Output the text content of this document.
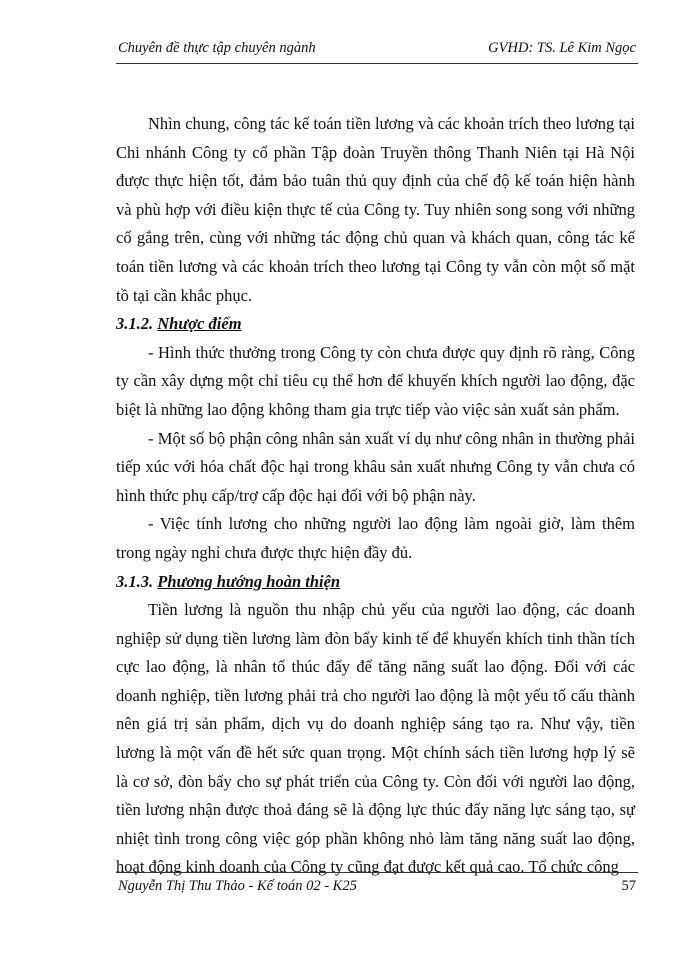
Chuyên đề thực tập chuyên ngành	GVHD: TS. Lê Kim Ngọc

Nhìn chung, công tác kế toán tiền lương và các khoản trích theo lương tại Chi nhánh Công ty cổ phần Tập đoàn Truyền thông Thanh Niên tại Hà Nội được thực hiện tốt, đảm bảo tuân thủ quy định của chế độ kế toán hiện hành và phù hợp với điều kiện thực tế của Công ty. Tuy nhiên song song với những cố gắng trên, cùng với những tác động chủ quan và khách quan, công tác kế toán tiền lương và các khoản trích theo lương tại Công ty vẫn còn một số mặt tồ tại cần khắc phục.

3.1.2. Nhược điểm

- Hình thức thưởng trong Công ty còn chưa được quy định rõ ràng, Công ty cần xây dựng một chỉ tiêu cụ thể hơn để khuyến khích người lao động, đặc biệt là những lao động không tham gia trực tiếp vào việc sản xuất sản phẩm.

- Một số bộ phận công nhân sản xuất ví dụ như công nhân in thường phải tiếp xúc với hóa chất độc hại trong khâu sản xuất nhưng Công ty vẫn chưa có hình thức phụ cấp/trợ cấp độc hại đối với bộ phận này.

- Việc tính lương cho những người lao động làm ngoài giờ, làm thêm trong ngày nghỉ chưa được thực hiện đầy đủ.

3.1.3. Phương hướng hoàn thiện

Tiền lương là nguồn thu nhập chủ yếu của người lao động, các doanh nghiệp sử dụng tiền lương làm đòn bẩy kinh tế để khuyến khích tinh thần tích cực lao động, là nhân tố thúc đẩy để tăng năng suất lao động. Đối với các doanh nghiệp, tiền lương phải trả cho người lao động là một yếu tố cấu thành nên giá trị sản phẩm, dịch vụ do doanh nghiệp sáng tạo ra. Như vậy, tiền lương là một vấn đề hết sức quan trọng. Một chính sách tiền lương hợp lý sẽ là cơ sở, đòn bẩy cho sự phát triển của Công ty. Còn đối với người lao động, tiền lương nhận được thoả đáng sẽ là động lực thúc đẩy năng lực sáng tạo, sự nhiệt tình trong công việc góp phần không nhỏ làm tăng năng suất lao động, hoạt động kinh doanh của Công ty cũng đạt được kết quả cao. Tổ chức công

Nguyễn Thị Thu Thảo - Kế toán 02 - K25	57
